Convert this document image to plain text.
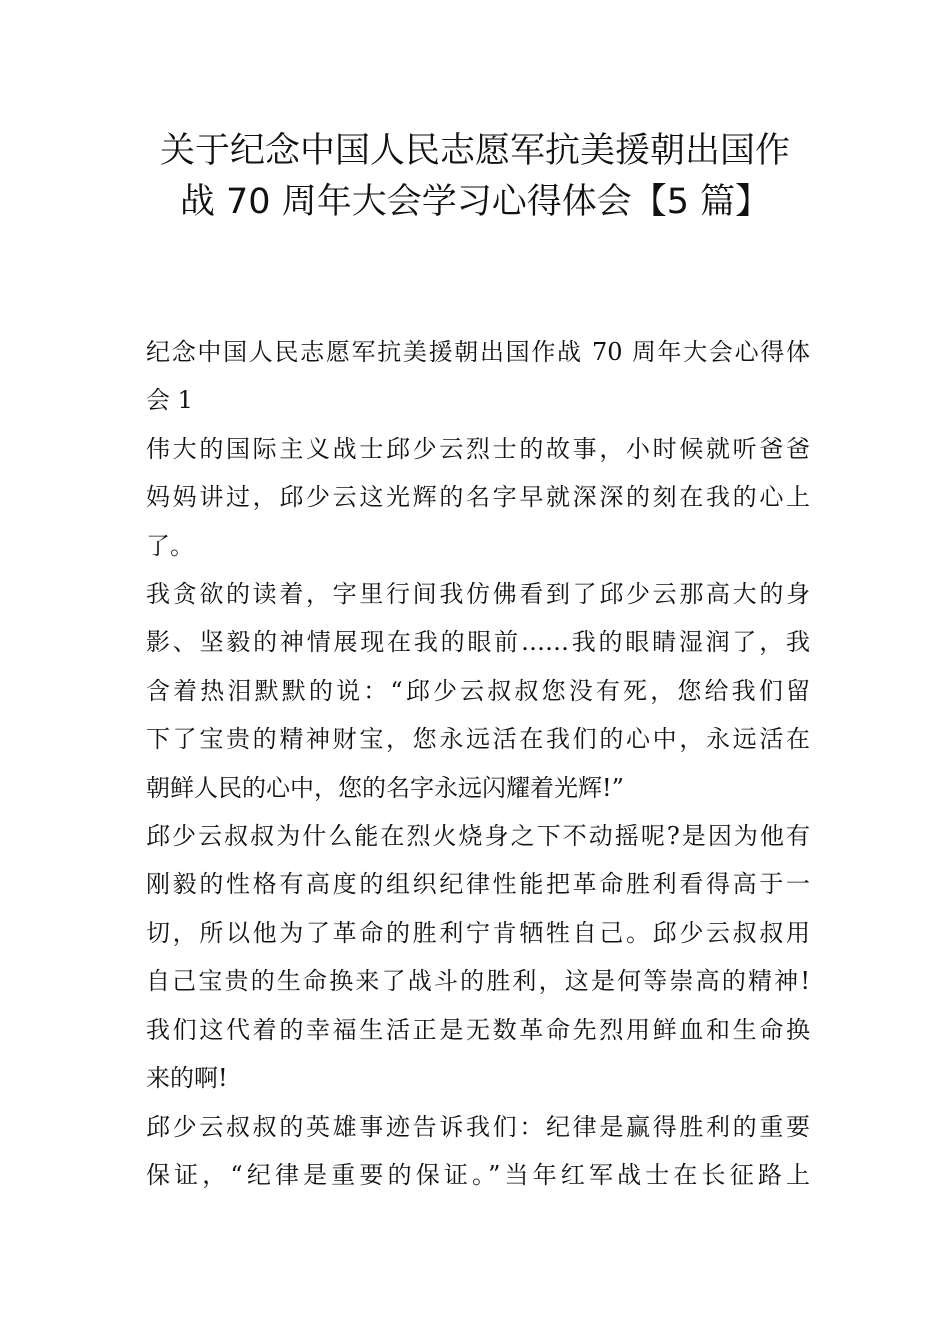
关于纪念中国人民志愿军抗美援朝出国作
战 70 周年大会学习心得体会【5 篇】
纪念中国人民志愿军抗美援朝出国作战 70 周年大会心得体
会 1
伟大的国际主义战士邱少云烈士的故事，小时候就听爸爸
妈妈讲过，邱少云这光辉的名字早就深深的刻在我的心上
了。
我贪欲的读着，字里行间我仿佛看到了邱少云那高大的身
影、坚毅的神情展现在我的眼前……我的眼睛湿润了，我
含着热泪默默的说：“邱少云叔叔您没有死，您给我们留
下了宝贵的精神财宝，您永远活在我们的心中，永远活在
朝鲜人民的心中，您的名字永远闪耀着光辉!”
邱少云叔叔为什么能在烈火烧身之下不动摇呢?是因为他有
刚毅的性格有高度的组织纪律性能把革命胜利看得高于一
切，所以他为了革命的胜利宁肯牺牲自己。邱少云叔叔用
自己宝贵的生命换来了战斗的胜利，这是何等崇高的精神!
我们这代着的幸福生活正是无数革命先烈用鲜血和生命换
来的啊!
邱少云叔叔的英雄事迹告诉我们：纪律是赢得胜利的重要
保证，“纪律是重要的保证。”当年红军战士在长征路上
